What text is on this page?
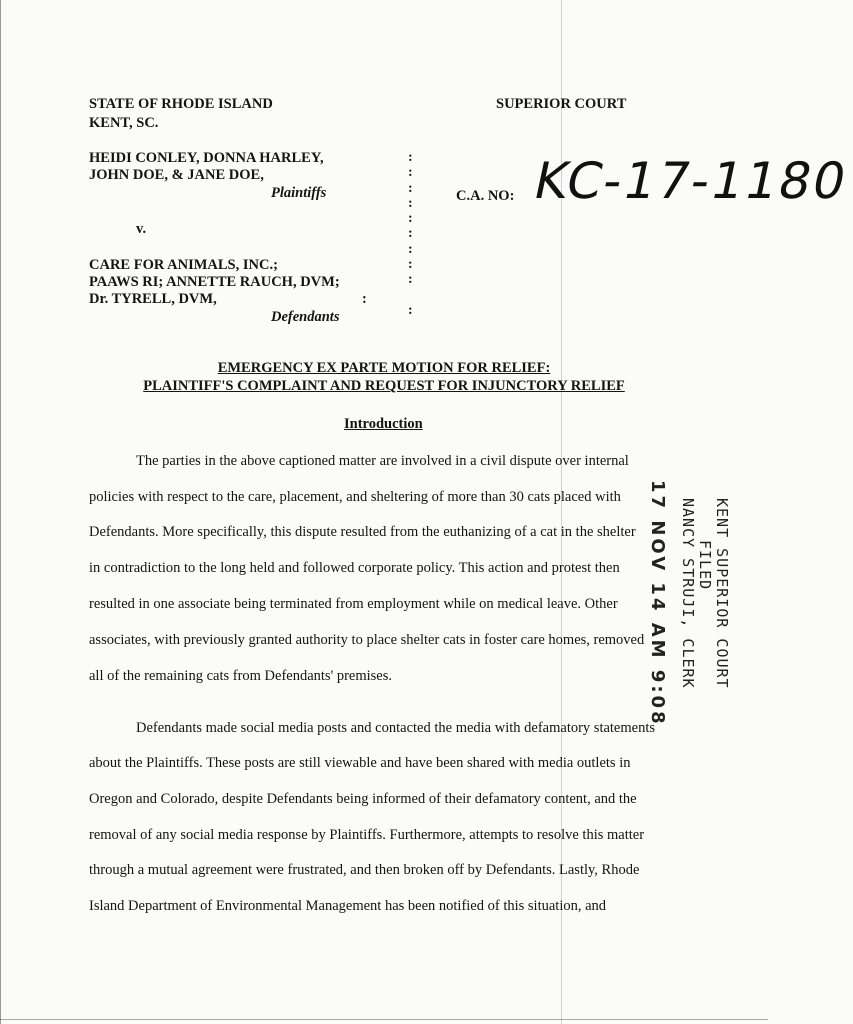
STATE OF RHODE ISLAND
KENT, SC.
SUPERIOR COURT
HEIDI CONLEY, DONNA HARLEY,
JOHN DOE, & JANE DOE,
Plaintiffs
v.
CARE FOR ANIMALS, INC.;
PAAWS RI; ANNETTE RAUCH, DVM;
Dr. TYRELL, DVM,
Defendants
:
:
:
:
:
:
:
:
:

:
:
C.A. NO: KC-17-1180
EMERGENCY EX PARTE MOTION FOR RELIEF:
PLAINTIFF'S COMPLAINT AND REQUEST FOR INJUNCTORY RELIEF
Introduction
The parties in the above captioned matter are involved in a civil dispute over internal
policies with respect to the care, placement, and sheltering of more than 30 cats placed with
Defendants. More specifically, this dispute resulted from the euthanizing of a cat in the shelter
in contradiction to the long held and followed corporate policy. This action and protest then
resulted in one associate being terminated from employment while on medical leave. Other
associates, with previously granted authority to place shelter cats in foster care homes, removed
all of the remaining cats from Defendants' premises.
Defendants made social media posts and contacted the media with defamatory statements
about the Plaintiffs. These posts are still viewable and have been shared with media outlets in
Oregon and Colorado, despite Defendants being informed of their defamatory content, and the
removal of any social media response by Plaintiffs. Furthermore, attempts to resolve this matter
through a mutual agreement were frustrated, and then broken off by Defendants. Lastly, Rhode
Island Department of Environmental Management has been notified of this situation, and
17 NOV 14 AM 9:08	KENT SUPERIOR COURT
FILED
NANCY STRUJI, CLERK
